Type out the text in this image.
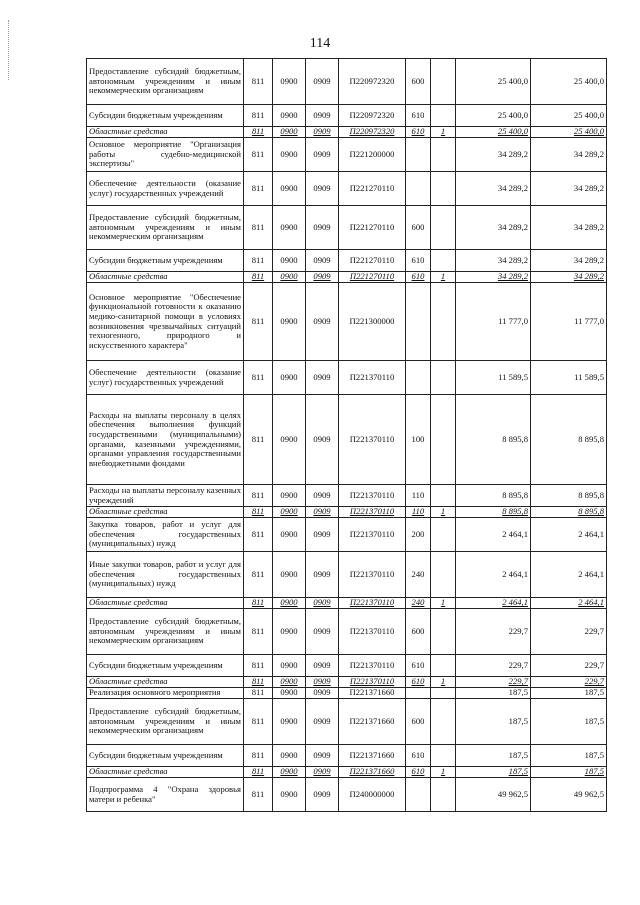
114
Предоставление субсидий бюджетным, автономным учреждениям и иным некоммерческим организациям	811	0900	0909	П220972320	600		25 400,0	25 400,0
Субсидии бюджетным учреждениям	811	0900	0909	П220972320	610		25 400,0	25 400,0
Областные средства	811	0900	0909	П220972320	610	1	25 400,0	25 400,0
Основное мероприятие "Организация работы судебно-медицинской экспертизы"	811	0900	0909	П221200000			34 289,2	34 289,2
Обеспечение деятельности (оказание услуг) государственных учреждений	811	0900	0909	П221270110			34 289,2	34 289,2
Предоставление субсидий бюджетным, автономным учреждениям и иным некоммерческим организациям	811	0900	0909	П221270110	600		34 289,2	34 289,2
Субсидии бюджетным учреждениям	811	0900	0909	П221270110	610		34 289,2	34 289,2
Областные средства	811	0900	0909	П221270110	610	1	34 289,2	34 289,2
Основное мероприятие "Обеспечение функциональной готовности к оказанию медико-санитарной помощи в условиях возникновения чрезвычайных ситуаций техногенного, природного и искусственного характера"	811	0900	0909	П221300000			11 777,0	11 777,0
Обеспечение деятельности (оказание услуг) государственных учреждений	811	0900	0909	П221370110			11 589,5	11 589,5
Расходы на выплаты персоналу в целях обеспечения выполнения функций государственными (муниципальными) органами, казенными учреждениями, органами управления государственными внебюджетными фондами	811	0900	0909	П221370110	100		8 895,8	8 895,8
Расходы на выплаты персоналу казенных учреждений	811	0900	0909	П221370110	110		8 895,8	8 895,8
Областные средства	811	0900	0909	П221370110	110	1	8 895,8	8 895,8
Закупка товаров, работ и услуг для обеспечения государственных (муниципальных) нужд	811	0900	0909	П221370110	200		2 464,1	2 464,1
Иные закупки товаров, работ и услуг для обеспечения государственных (муниципальных) нужд	811	0900	0909	П221370110	240		2 464,1	2 464,1
Областные средства	811	0900	0909	П221370110	240	1	2 464,1	2 464,1
Предоставление субсидий бюджетным, автономным учреждениям и иным некоммерческим организациям	811	0900	0909	П221370110	600		229,7	229,7
Субсидии бюджетным учреждениям	811	0900	0909	П221370110	610		229,7	229,7
Областные средства	811	0900	0909	П221370110	610	1	229,7	229,7
Реализация основного мероприятия	811	0900	0909	П221371660			187,5	187,5
Предоставление субсидий бюджетным, автономным учреждениям и иным некоммерческим организациям	811	0900	0909	П221371660	600		187,5	187,5
Субсидии бюджетным учреждениям	811	0900	0909	П221371660	610		187,5	187,5
Областные средства	811	0900	0909	П221371660	610	1	187,5	187,5
Подпрограмма 4 "Охрана здоровья матери и ребенка"	811	0900	0909	П240000000			49 962,5	49 962,5
